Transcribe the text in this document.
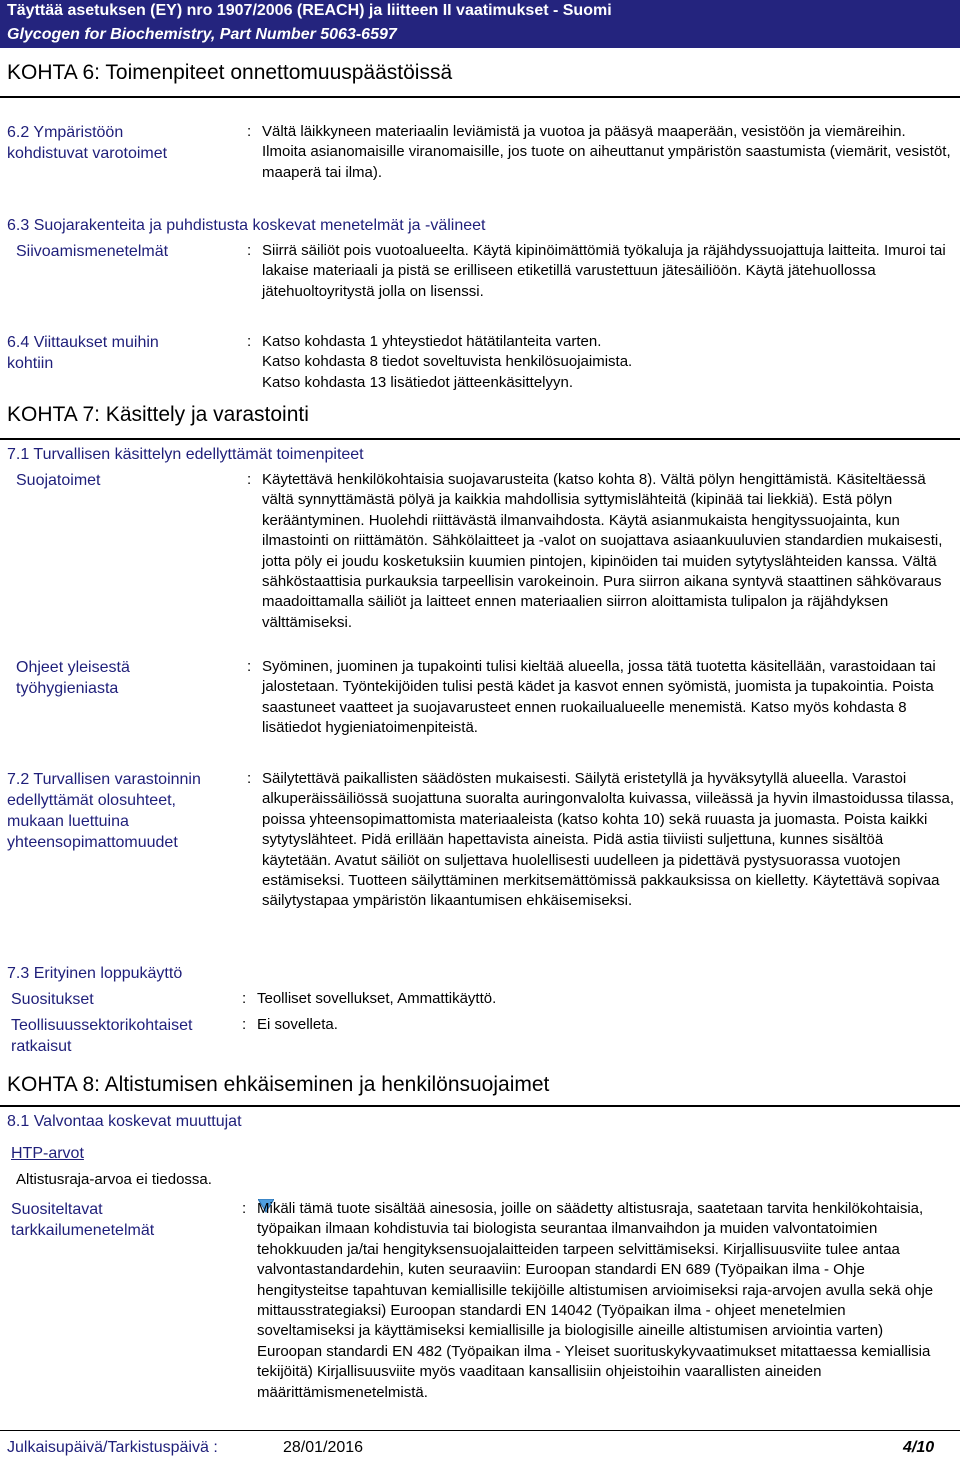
Täyttää asetuksen (EY) nro 1907/2006 (REACH) ja liitteen II vaatimukset - Suomi
Glycogen for Biochemistry, Part Number 5063-6597
KOHTA 6: Toimenpiteet onnettomuuspäästöissä
6.2 Ympäristöön kohdistuvat varotoimet
: Vältä läikkyneen materiaalin leviämistä ja vuotoa ja pääsyä maaperään, vesistöön ja viemäreihin. Ilmoita asianomaisille viranomaisille, jos tuote on aiheuttanut ympäristön saastumista (viemärit, vesistöt, maaperä tai ilma).
6.3 Suojarakenteita ja puhdistusta koskevat menetelmät ja -välineet
Siivoamismenetelmät	: Siirrä säiliöt pois vuotoalueelta. Käytä kipinöimättömiä työkaluja ja räjähdyssuojattuja laitteita. Imuroi tai lakaise materiaali ja pistä se erilliseen etiketillä varustettuun jätesäiliöön. Käytä jätehuollossa jätehuoltoyritystä jolla on lisenssi.
6.4 Viittaukset muihin kohtiin
: Katso kohdasta 1 yhteystiedot hätätilanteita varten.
Katso kohdasta 8 tiedot soveltuvista henkilösuojaimista.
Katso kohdasta 13 lisätiedot jätteenkäsittelyyn.
KOHTA 7: Käsittely ja varastointi
7.1 Turvallisen käsittelyn edellyttämät toimenpiteet
Suojatoimet	: Käytettävä henkilökohtaisia suojavarusteita (katso kohta 8). Vältä pölyn hengittämistä. Käsiteltäessä vältä synnyttämästä pölyä ja kaikkia mahdollisia syttymislähteitä (kipinää tai liekkiä). Estä pölyn kerääntyminen. Huolehdi riittävästä ilmanvaihdosta. Käytä asianmukaista hengityssuojainta, kun ilmastointi on riittämätön. Sähkölaitteet ja -valot on suojattava asiaankuuluvien standardien mukaisesti, jotta pöly ei joudu kosketuksiin kuumien pintojen, kipinöiden tai muiden sytytyslähteiden kanssa. Vältä sähköstaattisia purkauksia tarpeellisin varokeinoin. Pura siirron aikana syntyvä staattinen sähkövaraus maadoittamalla säiliöt ja laitteet ennen materiaalien siirron aloittamista tulipalon ja räjähdyksen välttämiseksi.
Ohjeet yleisestä työhygieniasta
: Syöminen, juominen ja tupakointi tulisi kieltää alueella, jossa tätä tuotetta käsitellään, varastoidaan tai jalostetaan. Työntekijöiden tulisi pestä kädet ja kasvot ennen syömistä, juomista ja tupakointia. Poista saastuneet vaatteet ja suojavarusteet ennen ruokailualueelle menemistä. Katso myös kohdasta 8 lisätiedot hygieniatoimenpiteistä.
7.2 Turvallisen varastoinnin edellyttämät olosuhteet, mukaan luettuina yhteensopimattomuudet
: Säilytettävä paikallisten säädösten mukaisesti. Säilytä eristetyllä ja hyväksytyllä alueella. Varastoi alkuperäissäiliössä suojattuna suoralta auringonvalolta kuivassa, viileässä ja hyvin ilmastoidussa tilassa, poissa yhteensopimattomista materiaaleista (katso kohta 10) sekä ruuasta ja juomasta. Poista kaikki sytytyslähteet. Pidä erillään hapettavista aineista. Pidä astia tiiviisti suljettuna, kunnes sisältöä käytetään. Avatut säiliöt on suljettava huolellisesti uudelleen ja pidettävä pystysuorassa vuotojen estämiseksi. Tuotteen säilyttäminen merkitsemättömissä pakkauksissa on kielletty. Käytettävä sopivaa säilytystapaa ympäristön likaantumisen ehkäisemiseksi.
7.3 Erityinen loppukäyttö
Suositukset	: Teolliset sovellukset, Ammattikäyttö.
Teollisuussektorikohtaiset ratkaisut
: Ei sovelleta.
KOHTA 8: Altistumisen ehkäiseminen ja henkilönsuojaimet
8.1 Valvontaa koskevat muuttujat
HTP-arvot
Altistusraja-arvoa ei tiedossa.
Suositeltavat tarkkailumenetelmät
: Mikäli tämä tuote sisältää ainesosia, joille on säädetty altistusraja, saatetaan tarvita henkilökohtaisia, työpaikan ilmaan kohdistuvia tai biologista seurantaa ilmanvaihdon ja muiden valvontatoimien tehokkuuden ja/tai hengityksensuojalaitteiden tarpeen selvittämiseksi. Kirjallisuusviite tulee antaa valvontastandardehin, kuten seuraaviin: Euroopan standardi EN 689 (Työpaikan ilma - Ohje hengitysteitse tapahtuvan kemiallisille tekijöille altistumisen arvioimiseksi raja-arvojen avulla sekä ohje mittausstrategiaksi) Euroopan standardi EN 14042 (Työpaikan ilma - ohjeet menetelmien soveltamiseksi ja käyttämiseksi kemiallisille ja biologisille aineille altistumisen arviointia varten) Euroopan standardi EN 482 (Työpaikan ilma - Yleiset suorituskykyvaatimukset mitattaessa kemiallisia tekijöitä) Kirjallisuusviite myös vaaditaan kansallisiin ohjeistoihin vaarallisten aineiden määrittämismenetelmistä.
Julkaisupäivä/Tarkistuspäivä :	28/01/2016	4/10
